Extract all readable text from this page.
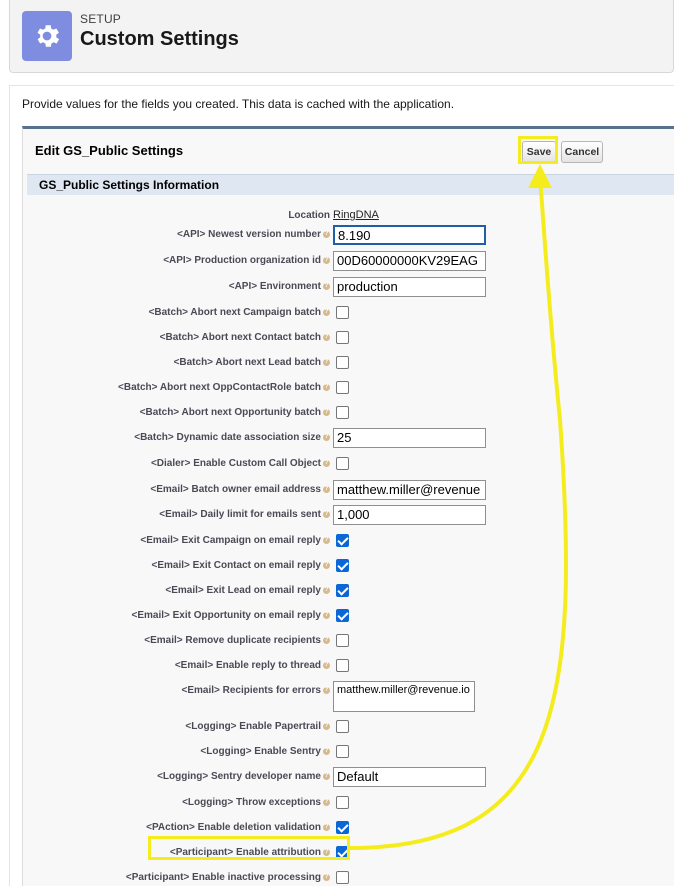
SETUP
Custom Settings
Provide values for the fields you created. This data is cached with the application.
Edit GS_Public Settings	Save	Cancel
GS_Public Settings Information
Location RingDNA
<API> Newest version number ? 8.190
<API> Production organization id ? 00D60000000KV29EAG
<API> Environment ? production
<Batch> Abort next Campaign batch ?
<Batch> Abort next Contact batch ?
<Batch> Abort next Lead batch ?
<Batch> Abort next OppContactRole batch ?
<Batch> Abort next Opportunity batch ?
<Batch> Dynamic date association size ? 25
<Dialer> Enable Custom Call Object ?
<Email> Batch owner email address ? matthew.miller@revenue
<Email> Daily limit for emails sent ? 1,000
<Email> Exit Campaign on email reply ?
<Email> Exit Contact on email reply ?
<Email> Exit Lead on email reply ?
<Email> Exit Opportunity on email reply ?
<Email> Remove duplicate recipients ?
<Email> Enable reply to thread ?
<Email> Recipients for errors ?
matthew.miller@revenue.io
<Logging> Enable Papertrail ?
<Logging> Enable Sentry ?
<Logging> Sentry developer name ? Default
<Logging> Throw exceptions ?
<PAction> Enable deletion validation ?
<Participant> Enable attribution ?
<Participant> Enable inactive processing ?
